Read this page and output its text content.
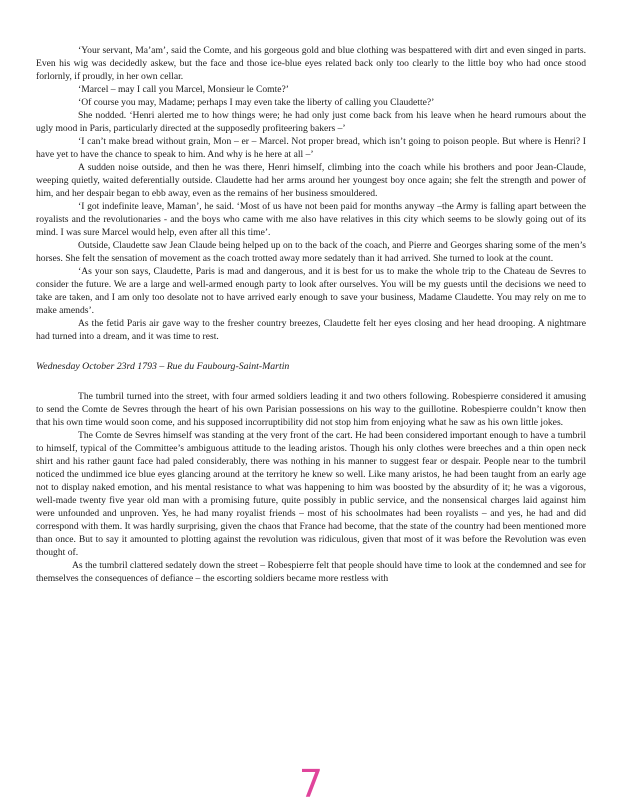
‘Your servant, Ma’am’, said the Comte, and his gorgeous gold and blue clothing was bespattered with dirt and even singed in parts. Even his wig was decidedly askew, but the face and those ice-blue eyes related back only too clearly to the little boy who had once stood forlornly, if proudly, in her own cellar.

‘Marcel – may I call you Marcel, Monsieur le Comte?’

‘Of course you may, Madame; perhaps I may even take the liberty of calling you Claudette?’

She nodded. ‘Henri alerted me to how things were; he had only just come back from his leave when he heard rumours about the ugly mood in Paris, particularly directed at the supposedly profiteering bakers –’

‘I can’t make bread without grain, Mon – er – Marcel. Not proper bread, which isn’t going to poison people. But where is Henri? I have yet to have the chance to speak to him. And why is he here at all –’

A sudden noise outside, and then he was there, Henri himself, climbing into the coach while his brothers and poor Jean-Claude, weeping quietly, waited deferentially outside. Claudette had her arms around her youngest boy once again; she felt the strength and power of him, and her despair began to ebb away, even as the remains of her business smouldered.

‘I got indefinite leave, Maman’, he said. ‘Most of us have not been paid for months anyway –the Army is falling apart between the royalists and the revolutionaries - and the boys who came with me also have relatives in this city which seems to be slowly going out of its mind. I was sure Marcel would help, even after all this time’.

Outside, Claudette saw Jean Claude being helped up on to the back of the coach, and Pierre and Georges sharing some of the men’s horses. She felt the sensation of movement as the coach trotted away more sedately than it had arrived. She turned to look at the count.

‘As your son says, Claudette, Paris is mad and dangerous, and it is best for us to make the whole trip to the Chateau de Sevres to consider the future. We are a large and well-armed enough party to look after ourselves. You will be my guests until the decisions we need to take are taken, and I am only too desolate not to have arrived early enough to save your business, Madame Claudette. You may rely on me to make amends’.

As the fetid Paris air gave way to the fresher country breezes, Claudette felt her eyes closing and her head drooping. A nightmare had turned into a dream, and it was time to rest.

Wednesday October 23rd 1793 – Rue du Faubourg-Saint-Martin

The tumbril turned into the street, with four armed soldiers leading it and two others following. Robespierre considered it amusing to send the Comte de Sevres through the heart of his own Parisian possessions on his way to the guillotine. Robespierre couldn’t know then that his own time would soon come, and his supposed incorruptibility did not stop him from enjoying what he saw as his own little jokes.

The Comte de Sevres himself was standing at the very front of the cart. He had been considered important enough to have a tumbril to himself, typical of the Committee’s ambiguous attitude to the leading aristos. Though his only clothes were breeches and a thin open neck shirt and his rather gaunt face had paled considerably, there was nothing in his manner to suggest fear or despair. People near to the tumbril noticed the undimmed ice blue eyes glancing around at the territory he knew so well. Like many aristos, he had been taught from an early age not to display naked emotion, and his mental resistance to what was happening to him was boosted by the absurdity of it; he was a vigorous, well-made twenty five year old man with a promising future, quite possibly in public service, and the nonsensical charges laid against him were unfounded and unproven. Yes, he had many royalist friends – most of his schoolmates had been royalists – and yes, he had and did correspond with them. It was hardly surprising, given the chaos that France had become, that the state of the country had been mentioned more than once. But to say it amounted to plotting against the revolution was ridiculous, given that most of it was before the Revolution was even thought of.

As the tumbril clattered sedately down the street – Robespierre felt that people should have time to look at the condemned and see for themselves the consequences of defiance – the escorting soldiers became more restless with

7
